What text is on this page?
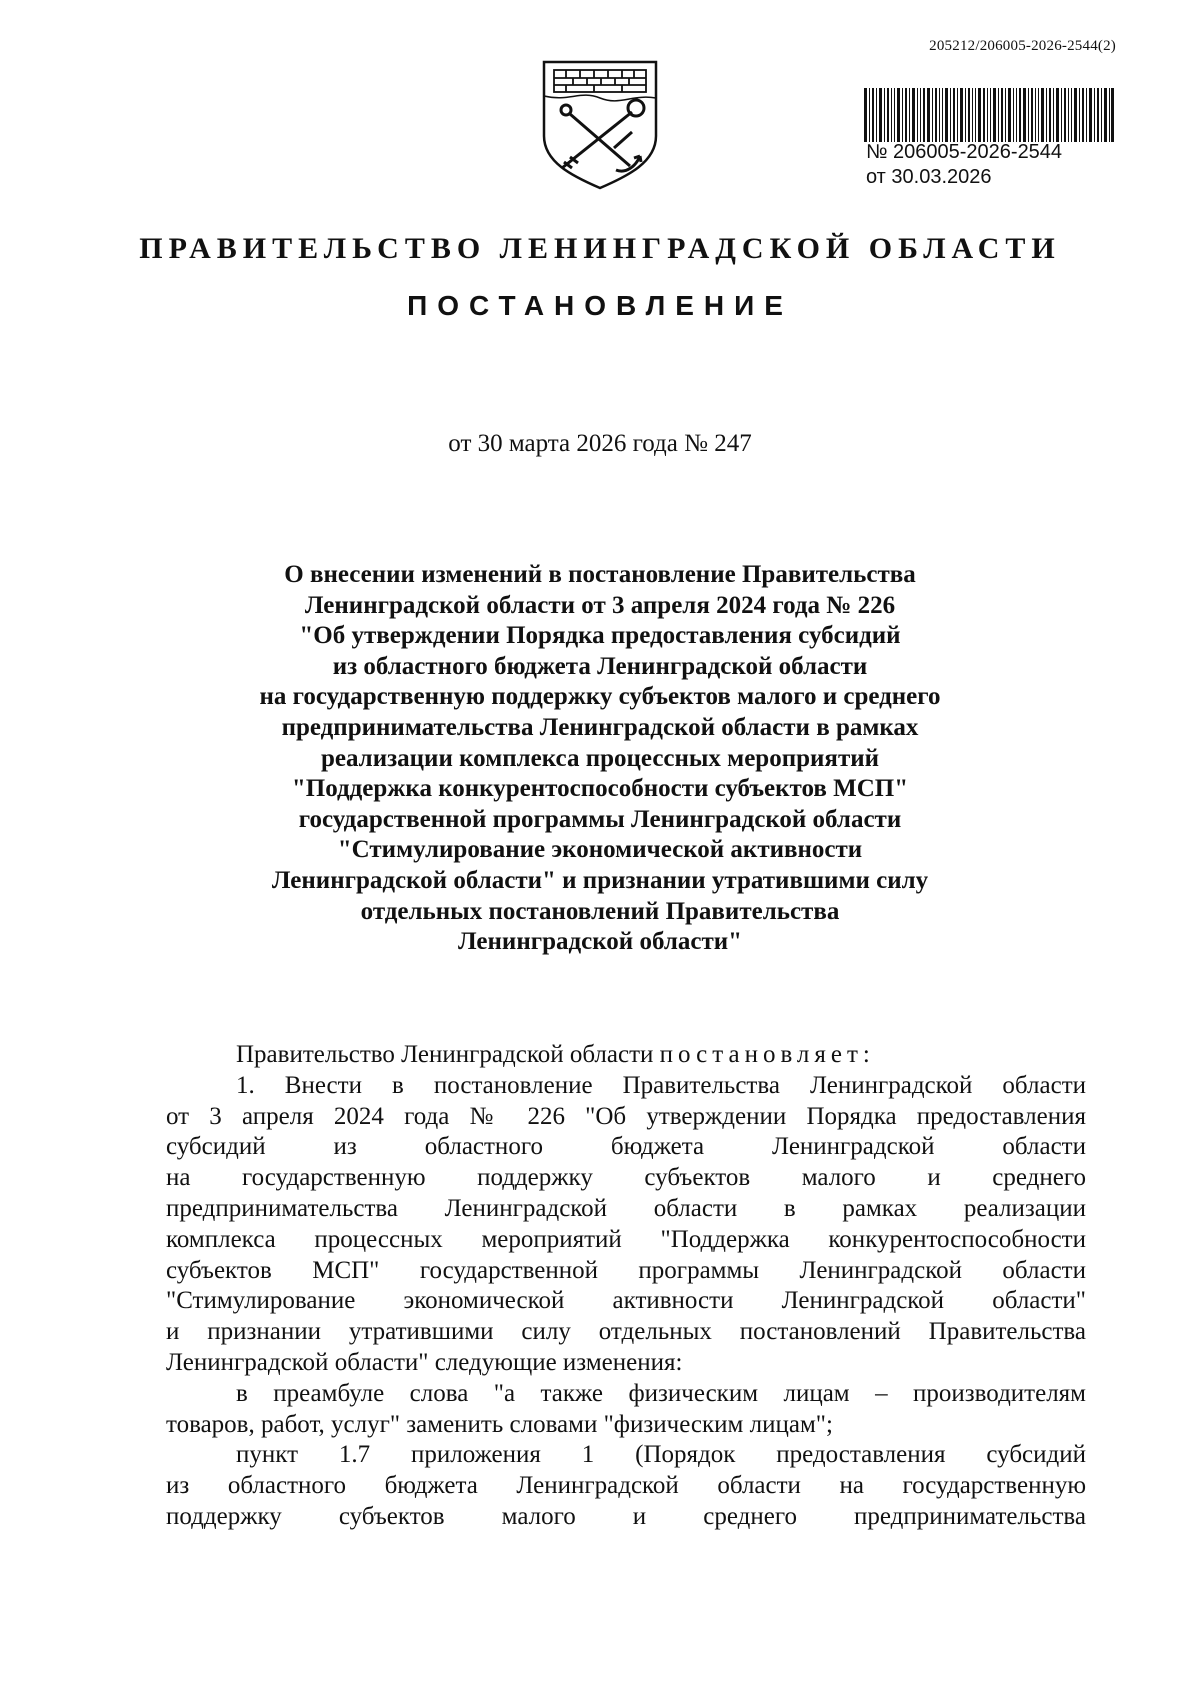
205212/206005-2026-2544(2)
№ 206005-2026-2544
от 30.03.2026
ПРАВИТЕЛЬСТВО ЛЕНИНГРАДСКОЙ ОБЛАСТИ
ПОСТАНОВЛЕНИЕ
от 30 марта 2026 года № 247
О внесении изменений в постановление Правительства
Ленинградской области от 3 апреля 2024 года № 226
"Об утверждении Порядка предоставления субсидий
из областного бюджета Ленинградской области
на государственную поддержку субъектов малого и среднего
предпринимательства Ленинградской области в рамках
реализации комплекса процессных мероприятий
"Поддержка конкурентоспособности субъектов МСП"
государственной программы Ленинградской области
"Стимулирование экономической активности
Ленинградской области" и признании утратившими силу
отдельных постановлений Правительства
Ленинградской области"
Правительство Ленинградской области постановляет:
1. Внести в постановление Правительства Ленинградской области
от 3 апреля 2024 года № 226 "Об утверждении Порядка предоставления
субсидий из областного бюджета Ленинградской области
на государственную поддержку субъектов малого и среднего
предпринимательства Ленинградской области в рамках реализации
комплекса процессных мероприятий "Поддержка конкурентоспособности
субъектов МСП" государственной программы Ленинградской области
"Стимулирование экономической активности Ленинградской области"
и признании утратившими силу отдельных постановлений Правительства
Ленинградской области" следующие изменения:
в преамбуле слова "а также физическим лицам – производителям
товаров, работ, услуг" заменить словами "физическим лицам";
пункт 1.7 приложения 1 (Порядок предоставления субсидий
из областного бюджета Ленинградской области на государственную
поддержку субъектов малого и среднего предпринимательства
